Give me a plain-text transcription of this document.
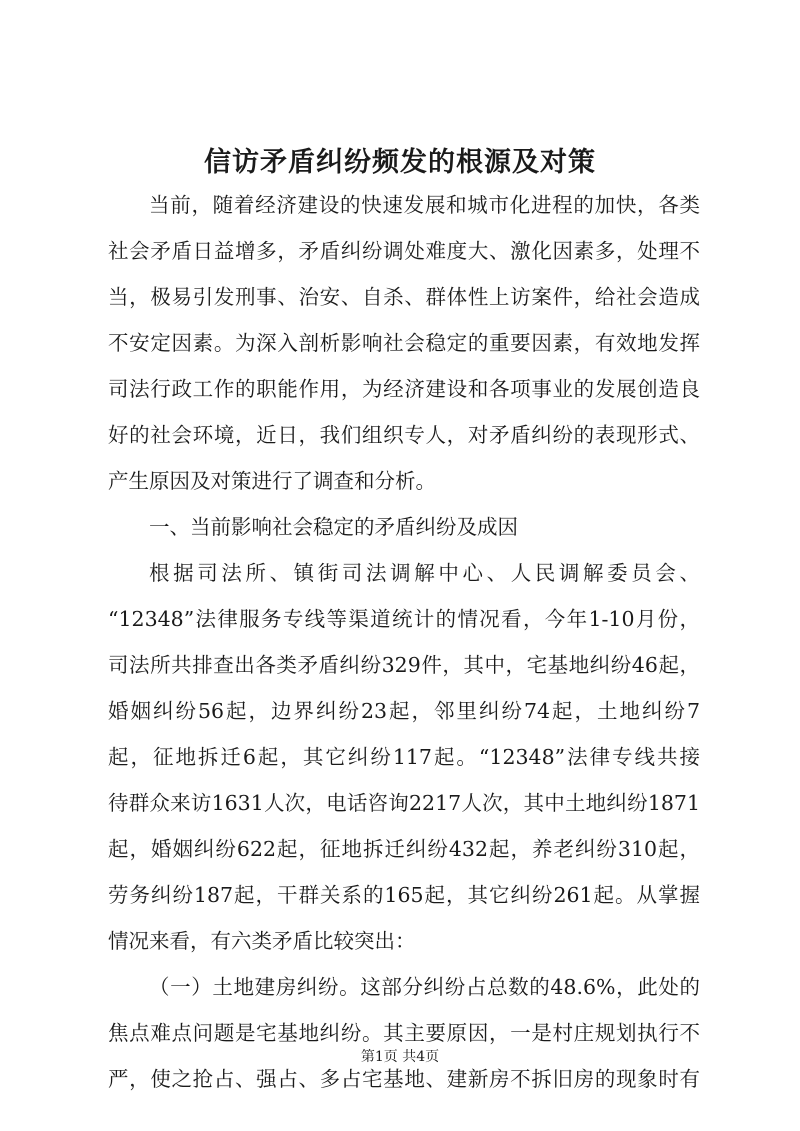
信访矛盾纠纷频发的根源及对策
当前，随着经济建设的快速发展和城市化进程的加快，各类
社会矛盾日益增多，矛盾纠纷调处难度大、激化因素多，处理不
当，极易引发刑事、治安、自杀、群体性上访案件，给社会造成
不安定因素。为深入剖析影响社会稳定的重要因素，有效地发挥
司法行政工作的职能作用，为经济建设和各项事业的发展创造良
好的社会环境，近日，我们组织专人，对矛盾纠纷的表现形式、
产生原因及对策进行了调查和分析。
一、当前影响社会稳定的矛盾纠纷及成因
根据司法所、镇街司法调解中心、人民调解委员会、
“12348”法律服务专线等渠道统计的情况看，今年1-10月份，
司法所共排查出各类矛盾纠纷329件，其中，宅基地纠纷46起，
婚姻纠纷56起，边界纠纷23起，邻里纠纷74起，土地纠纷7
起，征地拆迁6起，其它纠纷117起。“12348”法律专线共接
待群众来访1631人次，电话咨询2217人次，其中土地纠纷1871
起，婚姻纠纷622起，征地拆迁纠纷432起，养老纠纷310起，
劳务纠纷187起，干群关系的165起，其它纠纷261起。从掌握
情况来看，有六类矛盾比较突出：
（一）土地建房纠纷。这部分纠纷占总数的48.6%，此处的
焦点难点问题是宅基地纠纷。其主要原因，一是村庄规划执行不
严，使之抢占、强占、多占宅基地、建新房不拆旧房的现象时有
第1页 共4页
